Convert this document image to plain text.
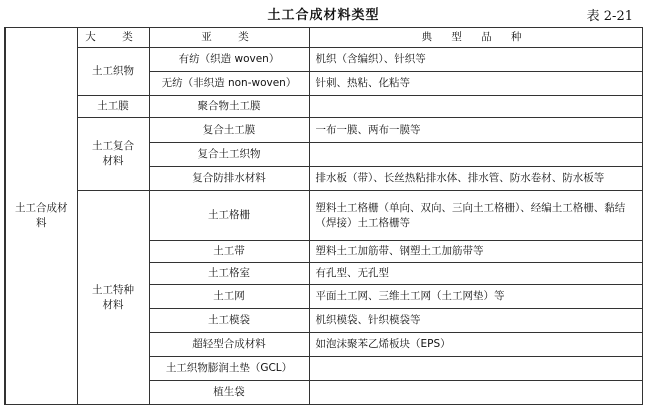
土工合成材料类型	表 2-21
土工合成材料	大　类	亚　类	典 型 品 种
	土工织物	有纺（织造 woven）	机织（含编织）、针织等
		无纺（非织造 non-woven）	针刺、热粘、化粘等
	土工膜	聚合物土工膜	
	土工复合材料	复合土工膜	一布一膜、两布一膜等
		复合土工织物	
		复合防排水材料	排水板（带）、长丝热粘排水体、排水管、防水卷材、防水板等
	土工特种材料	土工格栅	塑料土工格栅（单向、双向、三向土工格栅）、经编土工格栅、黏结（焊接）土工格栅等
		土工带	塑料土工加筋带、钢塑土工加筋带等
		土工格室	有孔型、无孔型
		土工网	平面土工网、三维土工网（土工网垫）等
		土工模袋	机织模袋、针织模袋等
		超轻型合成材料	如泡沫聚苯乙烯板块（EPS）
		土工织物膨润土垫（GCL）	
		植生袋	
